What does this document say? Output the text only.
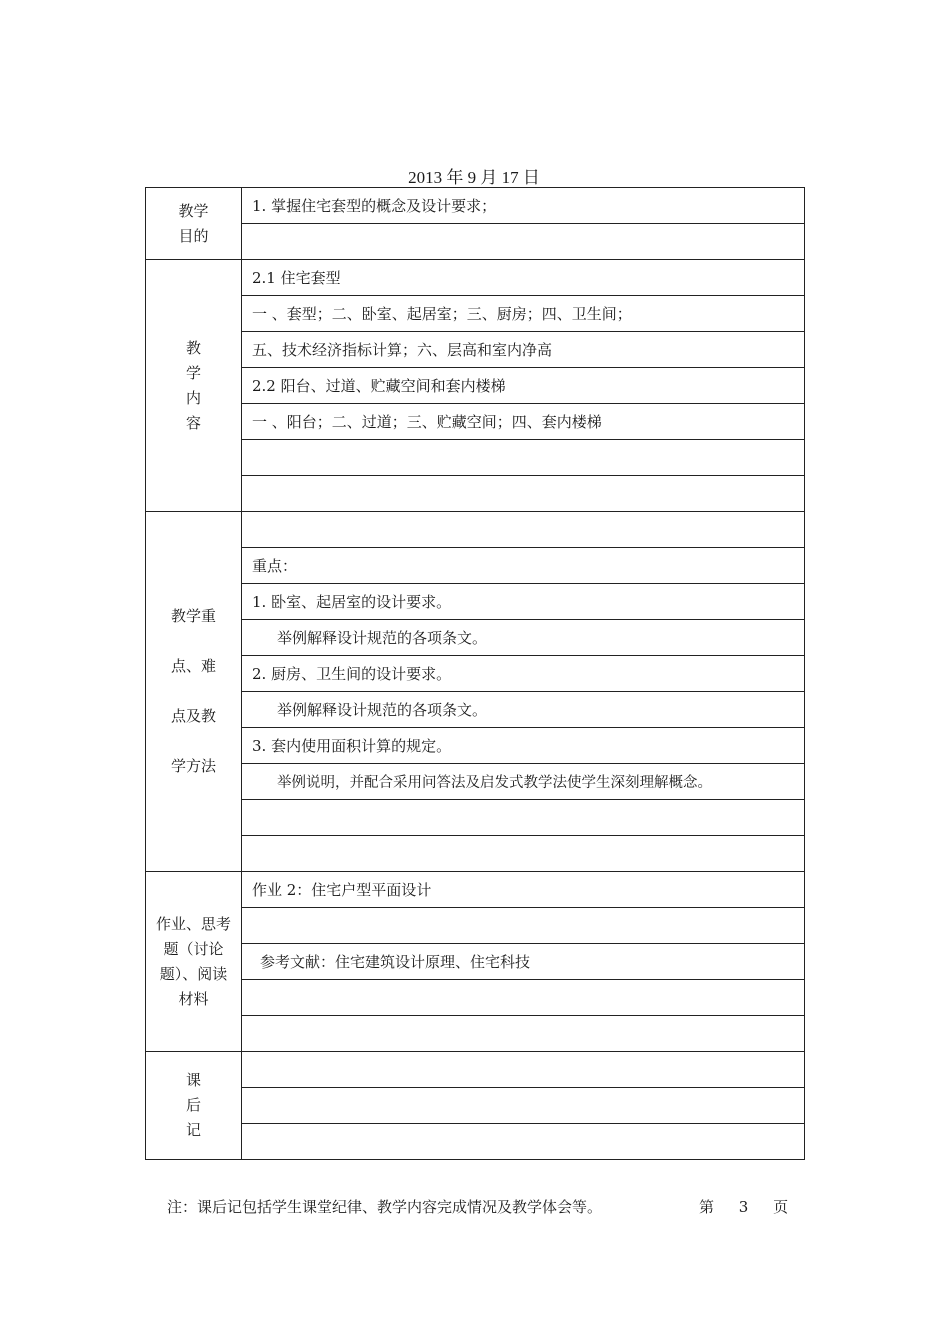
2013 年 9 月 17 日
教学
目的	1. 掌握住宅套型的概念及设计要求；

教
学
内
容	2.1 住宅套型
	一 、套型；二、卧室、起居室；三、厨房；四、卫生间；
	五、技术经济指标计算；六、层高和室内净高
	2.2 阳台、过道、贮藏空间和套内楼梯
	一 、阳台；二、过道；三、贮藏空间；四、套内楼梯

教学重
点、难
点及教
学方法	

	重点：
	1. 卧室、起居室的设计要求。
	举例解释设计规范的各项条文。
	2. 厨房、卫生间的设计要求。
	举例解释设计规范的各项条文。
	3. 套内使用面积计算的规定。
	举例说明，并配合采用问答法及启发式教学法使学生深刻理解概念。

作业、思考
题（讨论
题）、阅读
材料	作业 2：住宅户型平面设计

	参考文献：住宅建筑设计原理、住宅科技

课
后
记	

注：课后记包括学生课堂纪律、教学内容完成情况及教学体会等。	第 3 页
